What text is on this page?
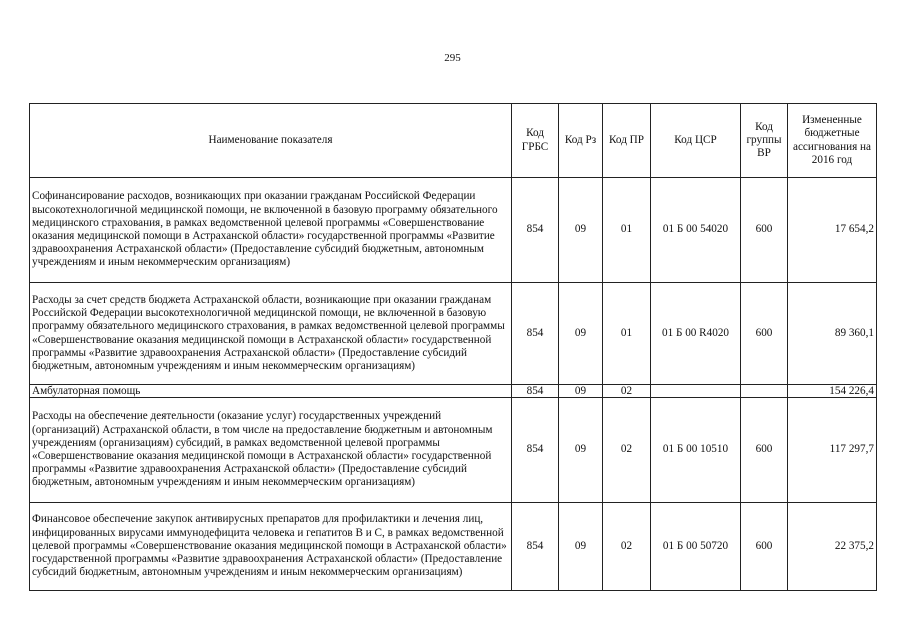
295
Наименование показателя	Код ГРБС	Код Рз	Код ПР	Код ЦСР	Код группы ВР	Измененные бюджетные ассигнования на 2016 год
Софинансирование расходов, возникающих при оказании гражданам Российской Федерации высокотехнологичной медицинской помощи, не включенной в базовую программу обязательного медицинского страхования, в рамках ведомственной целевой программы «Совершенствование оказания медицинской помощи в Астраханской области» государственной программы «Развитие здравоохранения Астраханской области» (Предоставление субсидий бюджетным, автономным учреждениям и иным некоммерческим организациям)	854	09	01	01 Б 00 54020	600	17 654,2
Расходы за счет средств бюджета Астраханской области, возникающие при оказании гражданам Российской Федерации высокотехнологичной медицинской помощи, не включенной в базовую программу обязательного медицинского страхования, в рамках ведомственной целевой программы «Совершенствование оказания медицинской помощи в Астраханской области» государственной программы «Развитие здравоохранения Астраханской области» (Предоставление субсидий бюджетным, автономным учреждениям и иным некоммерческим организациям)	854	09	01	01 Б 00 R4020	600	89 360,1
Амбулаторная помощь	854	09	02			154 226,4
Расходы на обеспечение деятельности (оказание услуг) государственных учреждений (организаций) Астраханской области, в том числе на предоставление бюджетным и автономным учреждениям (организациям) субсидий, в рамках ведомственной целевой программы «Совершенствование оказания медицинской помощи в Астраханской области» государственной программы «Развитие здравоохранения Астраханской области» (Предоставление субсидий бюджетным, автономным учреждениям и иным некоммерческим организациям)	854	09	02	01 Б 00 10510	600	117 297,7
Финансовое обеспечение закупок антивирусных препаратов для профилактики и лечения лиц, инфицированных вирусами иммунодефицита человека и гепатитов В и С, в рамках ведомственной целевой программы «Совершенствование оказания медицинской помощи в Астраханской области» государственной программы «Развитие здравоохранения Астраханской области» (Предоставление субсидий бюджетным, автономным учреждениям и иным некоммерческим организациям)	854	09	02	01 Б 00 50720	600	22 375,2
